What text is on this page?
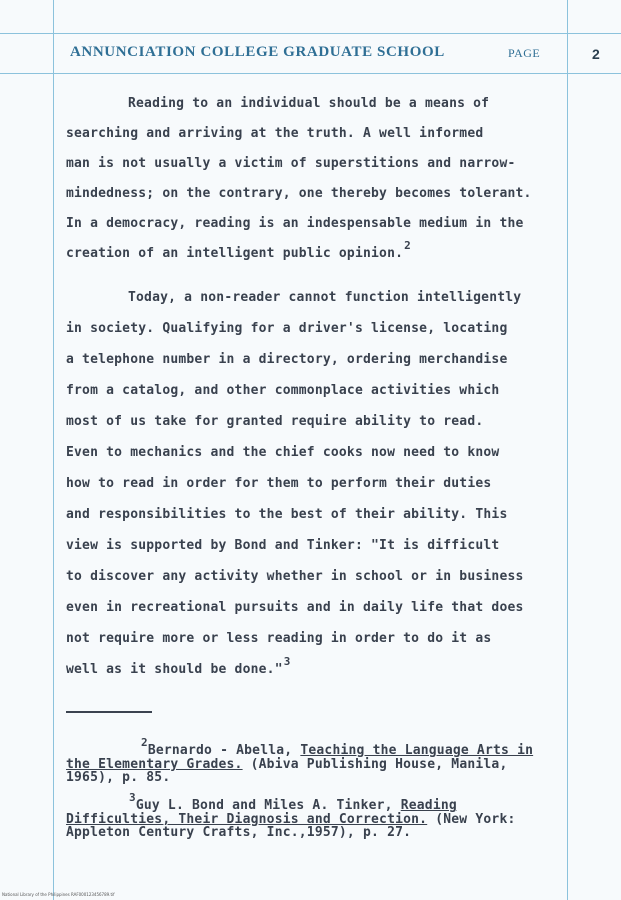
ANNUNCIATION COLLEGE GRADUATE SCHOOL	PAGE	2
Reading to an individual should be a means of
searching and arriving at the truth. A well informed
man is not usually a victim of superstitions and narrow-
mindedness; on the contrary, one thereby becomes tolerant.
In a democracy, reading is an indespensable medium in the
creation of an intelligent public opinion.$^2$
Today, a non-reader cannot function intelligently
in society. Qualifying for a driver's license, locating
a telephone number in a directory, ordering merchandise
from a catalog, and other commonplace activities which
most of us take for granted require ability to read.
Even to mechanics and the chief cooks now need to know
how to read in order for them to perform their duties
and responsibilities to the best of their ability. This
view is supported by Bond and Tinker: "It is difficult
to discover any activity whether in school or in business
even in recreational pursuits and in daily life that does
not require more or less reading in order to do it as
well as it should be done."$^3$
$^2$Bernardo - Abella, Teaching the Language Arts in
the Elementary Grades. (Abiva Publishing House, Manila,
1965), p. 85.
$^3$Guy L. Bond and Miles A. Tinker, Reading
Difficulties, Their Diagnosis and Correction. (New York:
Appleton Century Crafts, Inc.,1957), p. 27.
National Library of the Philippines RAF000123456789.tif
